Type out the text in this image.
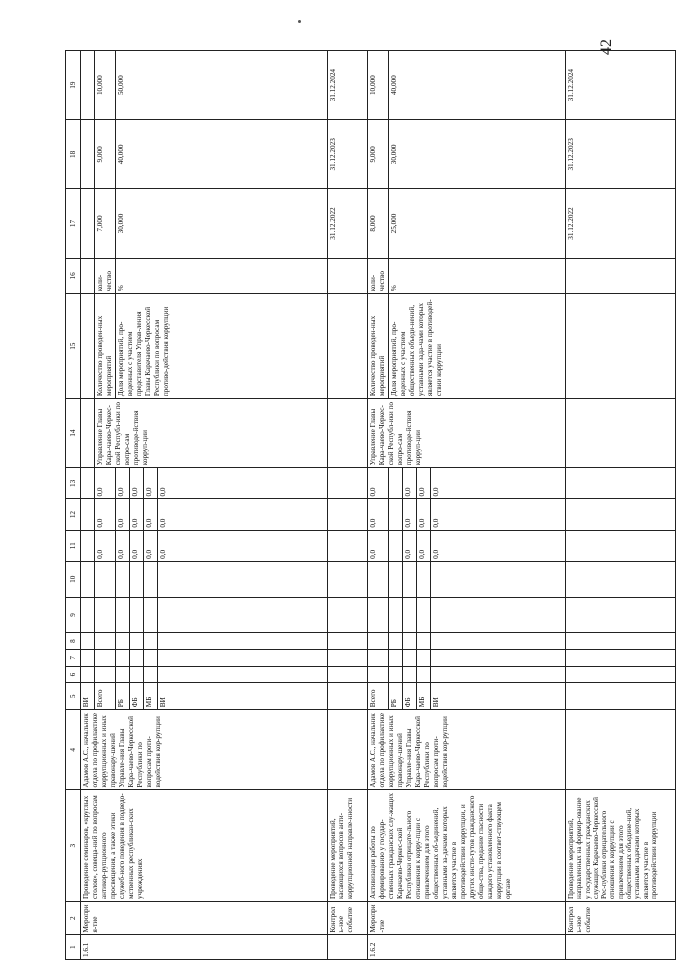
42
1	2	3	4	5	6	7	8	9	10	11	12	13	14	15	16	17	18	19
1.6.1	Мероприя-тие	Проведение семинаров, «круглых столов», совеща-ний по вопросам антикор-рупционного просвещения, а также этики служеб-ного поведения в подведо-мственных республикан-ских учреждениях	Адамов А.С., начальник отдела по профилактике коррупционных и иных правонару-шений Управле-ния Главы Кара-чаево-Черкесской Республики по вопросам проти-водействия кор-рупции	ВИ														
				Всего						0,0	0,0	0,0	Управление Главы Кара-чаево-Черкес-ской Республ-ики по вопро-сам противоде-йствия корруп-ции	Количество проведен-ных мероприятий	коли-чество	7,000	9,000	10,000
				РБ						0,0	0,0	0,0		Доля мероприятий, про-веденных с участием представителя Управ-ления Главы Карачаево-Черкесской Республики по вопросам противо-действия коррупции	%	30,000	40,000	50,000
				ФБ						0,0	0,0	0,0						
				МБ						0,0	0,0	0,0						
				ВИ						0,0	0,0	0,0						
	Контроль-ное событие	Проведение мероприятий, касающихся вопросов анти-коррупционной направле-нности														31.12.2022	31.12.2023	31.12.2024
1.6.2	Меропри-тие	Активизация работы по формированию у государ-ственных гражданских слу-жащих Карачаево-Черкес-ской Республики отрицате-льного отношения к корру-пции с привлечением для этого общественных об-ъединений, уставными за-дачами которых является участие в противодействии коррупции, и других инсти-тутов гражданского обще-ства, предание гласности каждого установленного факта коррупции в соответ-ствующем органе	Адамов А.С., начальник отдела по профилактике коррупционных и иных правонару-шений Управле-ния Главы Кара-чаево-Черкесской Республики по вопросам проти-водействия кор-рупции	Всего						0,0	0,0	0,0	Управление Главы Кара-чаево-Черкес-ской Республ-ики по вопро-сам противоде-йствия корруп-ции	Количество проведен-ных мероприятий	коли-чество	8,000	9,000	10,000
				РБ										Доля мероприятий, про-веденных с участием общественных объеди-нений, уставными зада-чами которых является участие в противодей-ствии коррупции	%	25,000	30,000	40,000
				ФБ						0,0	0,0	0,0						
				МБ						0,0	0,0	0,0						
				ВИ						0,0	0,0	0,0						
	Контроль-ное событие	Проведение мероприятий, направленных на формир-ование у государственных гражданских служащих Карачаево-Черкесской Рес-публики отрицательного отношения к коррупции с привлечением для этого общественных объедине-ний, уставными задачами которых является участие в противодействии коррупции														31.12.2022	31.12.2023	31.12.2024
